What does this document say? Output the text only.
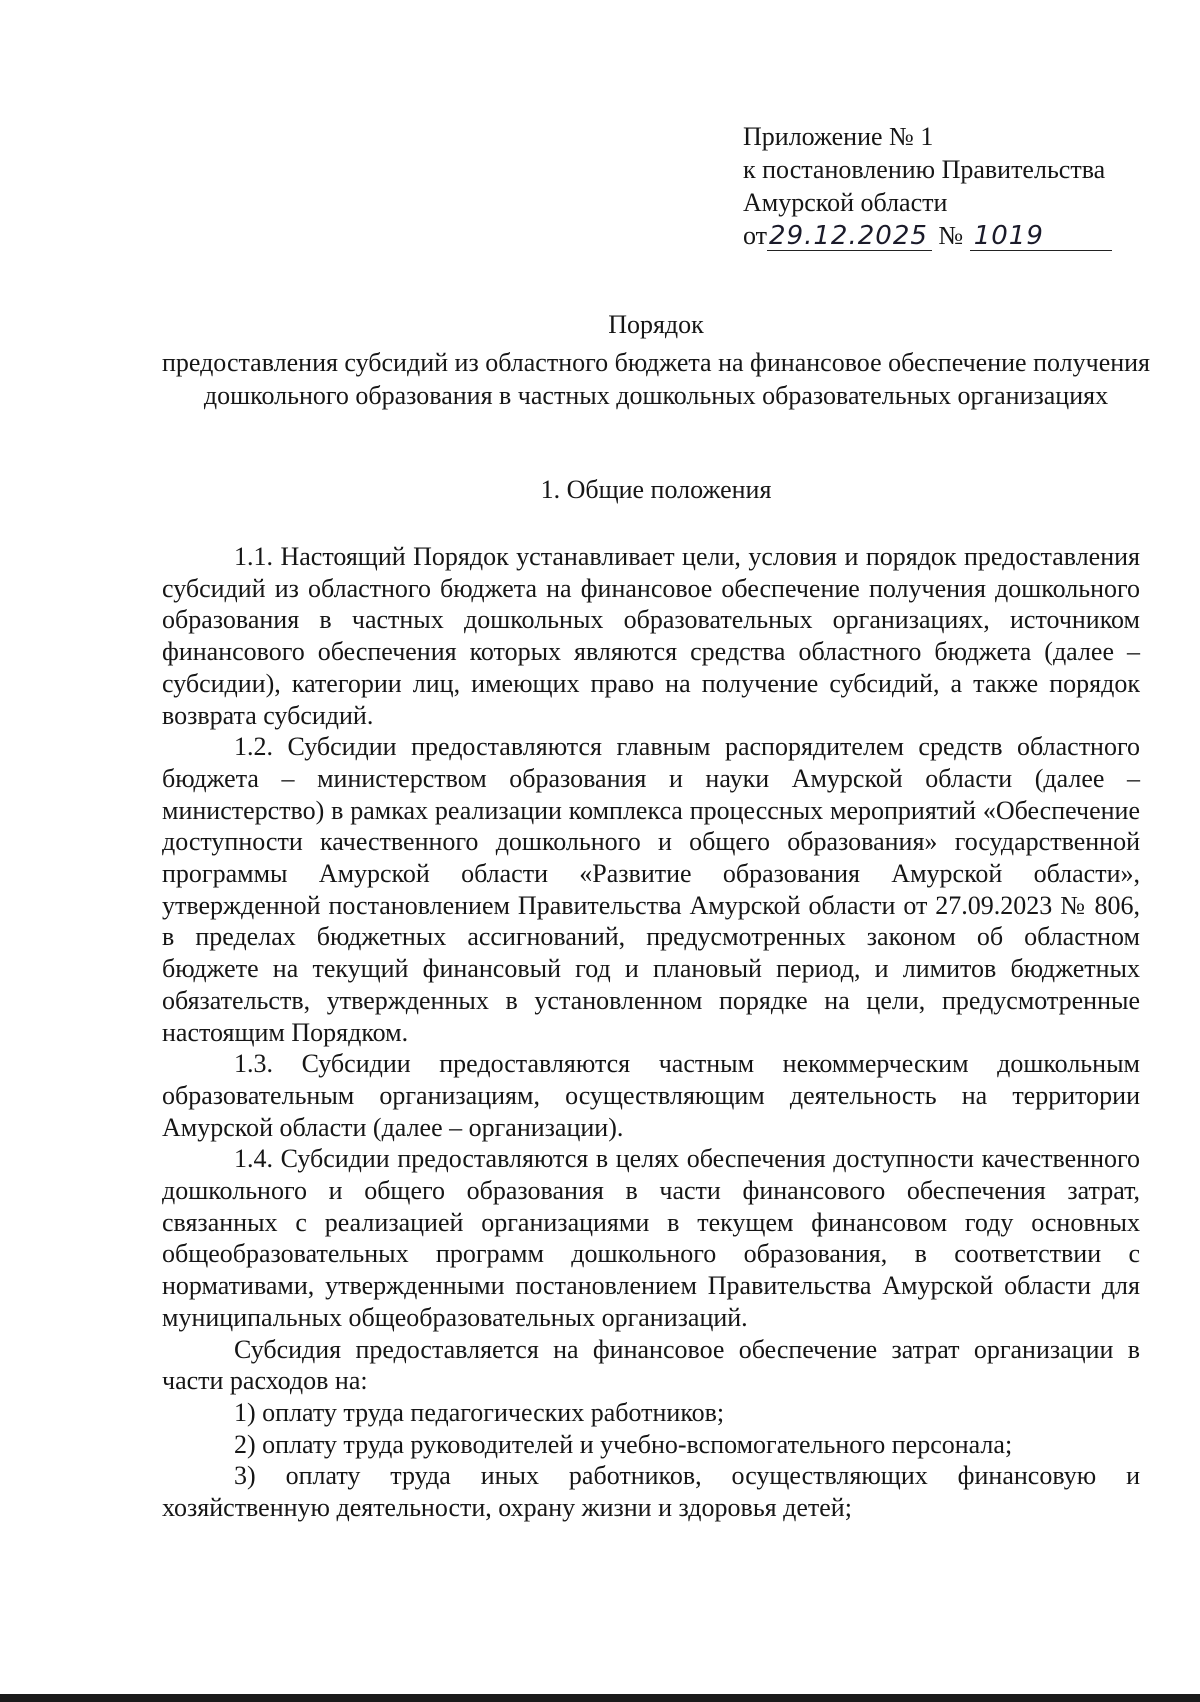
Приложение № 1
к постановлению Правительства
Амурской области
от29.12.2025 № 1019
Порядок
предоставления субсидий из областного бюджета на финансовое обеспечение получения дошкольного образования в частных дошкольных образовательных организациях
1. Общие положения

1.1. Настоящий Порядок устанавливает цели, условия и порядок предоставления субсидий из областного бюджета на финансовое обеспечение получения дошкольного образования в частных дошкольных образовательных организациях, источником финансового обеспечения которых являются средства областного бюджета (далее – субсидии), категории лиц, имеющих право на получение субсидий, а также порядок возврата субсидий.

1.2. Субсидии предоставляются главным распорядителем средств областного бюджета – министерством образования и науки Амурской области (далее – министерство) в рамках реализации комплекса процессных мероприятий «Обеспечение доступности качественного дошкольного и общего образования» государственной программы Амурской области «Развитие образования Амурской области», утвержденной постановлением Правительства Амурской области от 27.09.2023 № 806, в пределах бюджетных ассигнований, предусмотренных законом об областном бюджете на текущий финансовый год и плановый период, и лимитов бюджетных обязательств, утвержденных в установленном порядке на цели, предусмотренные настоящим Порядком.

1.3. Субсидии предоставляются частным некоммерческим дошкольным образовательным организациям, осуществляющим деятельность на территории Амурской области (далее – организации).

1.4. Субсидии предоставляются в целях обеспечения доступности качественного дошкольного и общего образования в части финансового обеспечения затрат, связанных с реализацией организациями в текущем финансовом году основных общеобразовательных программ дошкольного образования, в соответствии с нормативами, утвержденными постановлением Правительства Амурской области для муниципальных общеобразовательных организаций.

Субсидия предоставляется на финансовое обеспечение затрат организации в части расходов на:

1) оплату труда педагогических работников;

2) оплату труда руководителей и учебно-вспомогательного персонала;

3) оплату труда иных работников, осуществляющих финансовую и хозяйственную деятельности, охрану жизни и здоровья детей;
